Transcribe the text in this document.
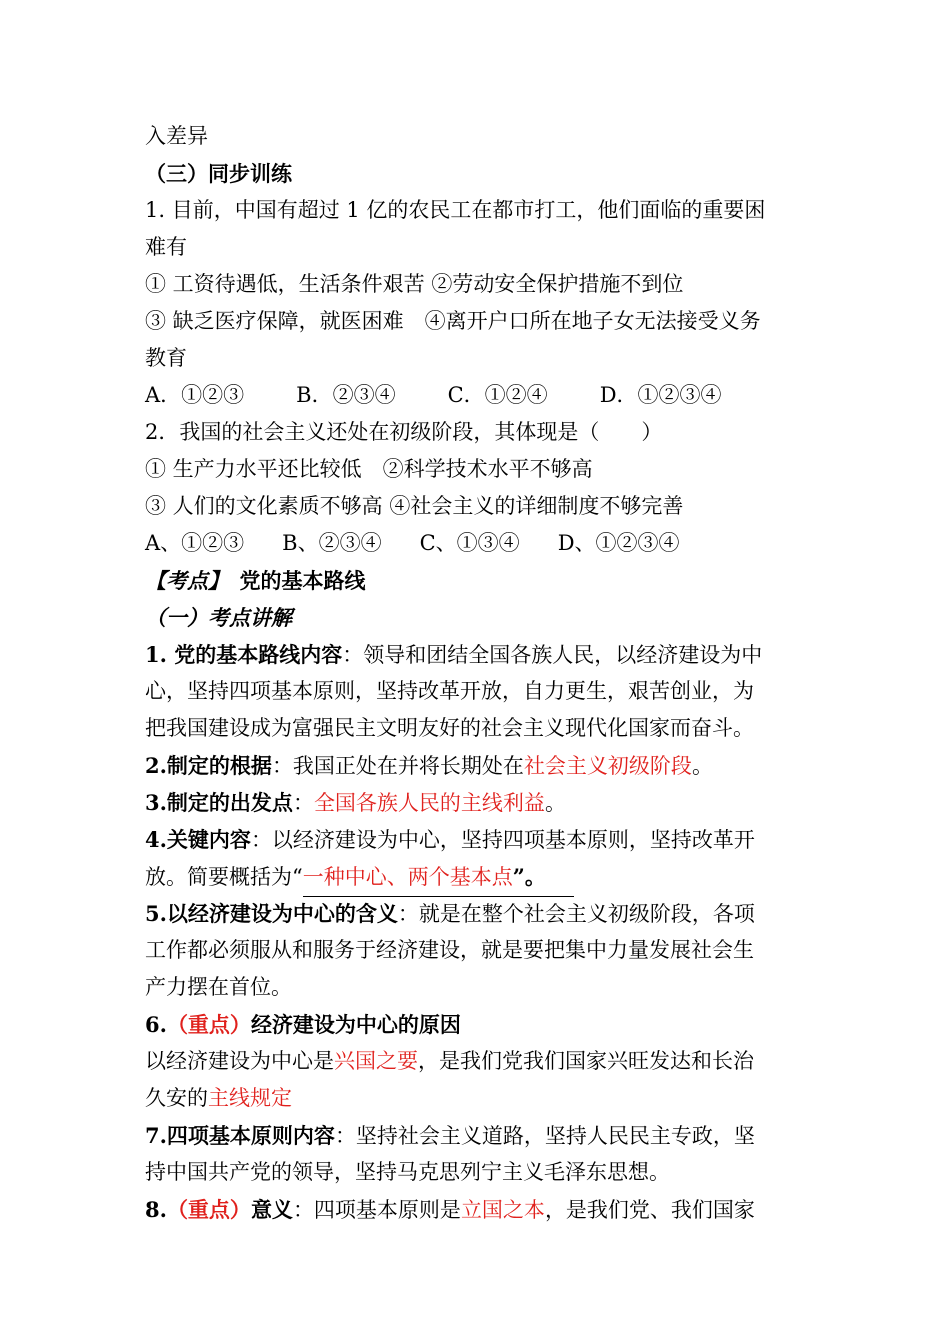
入差异
（三）同步训练
1. 目前，中国有超过 1 亿的农民工在都市打工，他们面临的重要困
难有
① 工资待遇低，生活条件艰苦 ②劳动安全保护措施不到位
③ 缺乏医疗保障，就医困难　④离开户口所在地子女无法接受义务
教育
A．①②③ B．②③④ C．①②④ D．①②③④
2．我国的社会主义还处在初级阶段，其体现是（　　）
① 生产力水平还比较低　②科学技术水平不够高
③ 人们的文化素质不够高 ④社会主义的详细制度不够完善
A、①②③ B、②③④ C、①③④ D、①②③④
【考点】　党的基本路线
（一）考点讲解
1. 党的基本路线内容：领导和团结全国各族人民，以经济建设为中
心，坚持四项基本原则，坚持改革开放，自力更生，艰苦创业，为
把我国建设成为富强民主文明友好的社会主义现代化国家而奋斗。
2.制定的根据：我国正处在并将长期处在社会主义初级阶段。
3.制定的出发点：全国各族人民的主线利益。
4.关键内容：以经济建设为中心，坚持四项基本原则，坚持改革开
放。简要概括为“一种中心、两个基本点”。
5.以经济建设为中心的含义：就是在整个社会主义初级阶段，各项
工作都必须服从和服务于经济建设，就是要把集中力量发展社会生
产力摆在首位。
6.（重点）经济建设为中心的原因
以经济建设为中心是兴国之要，是我们党我们国家兴旺发达和长治
久安的主线规定
7.四项基本原则内容：坚持社会主义道路，坚持人民民主专政，坚
持中国共产党的领导，坚持马克思列宁主义毛泽东思想。
8.（重点）意义：四项基本原则是立国之本，是我们党、我们国家
